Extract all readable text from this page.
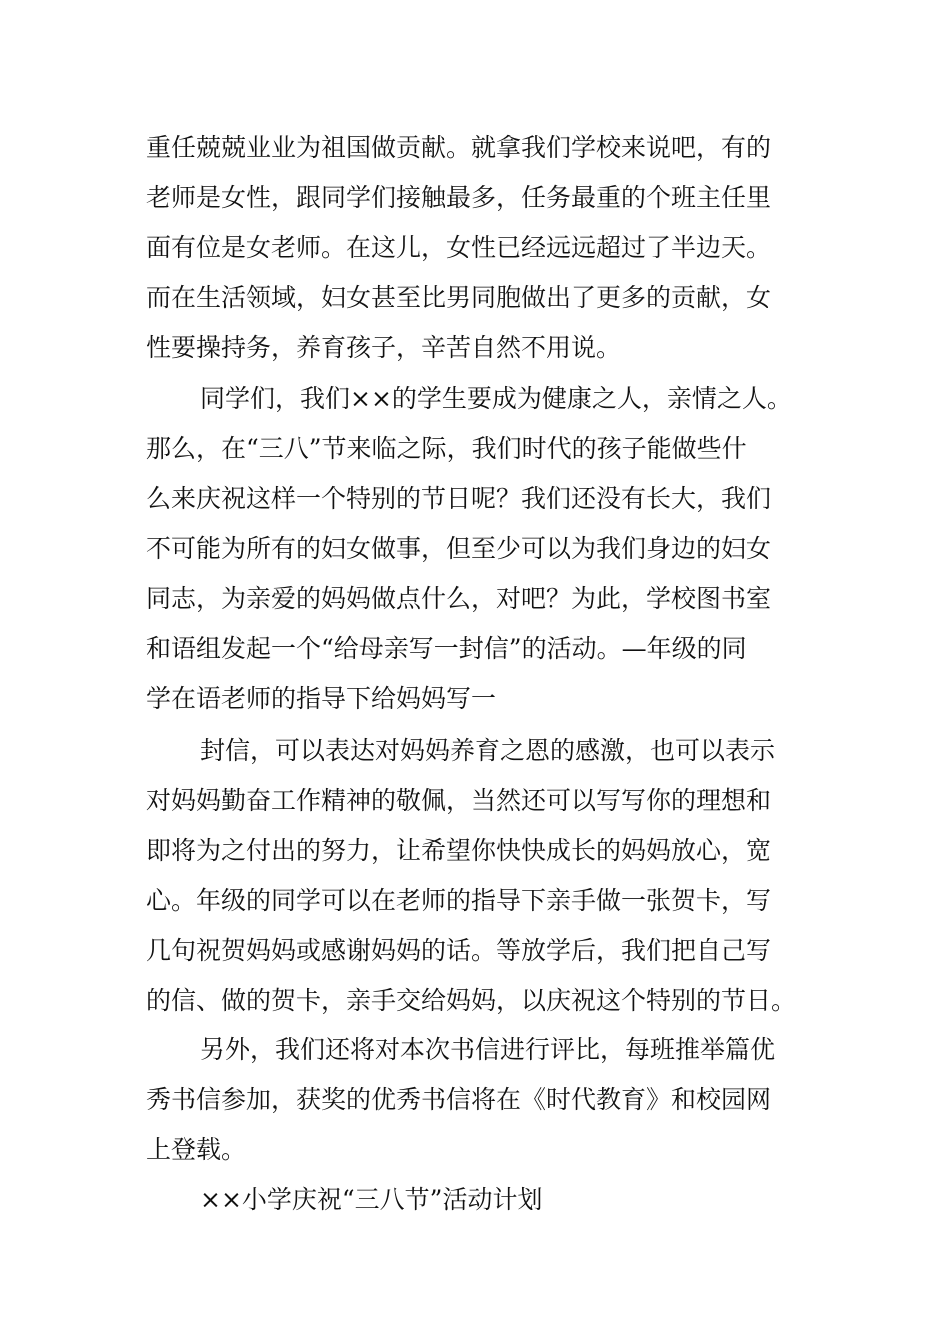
重任兢兢业业为祖国做贡献。就拿我们学校来说吧，有的

老师是女性，跟同学们接触最多，任务最重的个班主任里

面有位是女老师。在这儿，女性已经远远超过了半边天。

而在生活领域，妇女甚至比男同胞做出了更多的贡献，女

性要操持务，养育孩子，辛苦自然不用说。

同学们，我们××的学生要成为健康之人，亲情之人。

那么，在“三八”节来临之际，我们时代的孩子能做些什

么来庆祝这样一个特别的节日呢？我们还没有长大，我们

不可能为所有的妇女做事，但至少可以为我们身边的妇女

同志，为亲爱的妈妈做点什么，对吧？为此，学校图书室

和语组发起一个“给母亲写一封信”的活动。—年级的同

学在语老师的指导下给妈妈写一

封信，可以表达对妈妈养育之恩的感激，也可以表示

对妈妈勤奋工作精神的敬佩，当然还可以写写你的理想和

即将为之付出的努力，让希望你快快成长的妈妈放心，宽

心。年级的同学可以在老师的指导下亲手做一张贺卡，写

几句祝贺妈妈或感谢妈妈的话。等放学后，我们把自己写

的信、做的贺卡，亲手交给妈妈，以庆祝这个特别的节日。

另外，我们还将对本次书信进行评比，每班推举篇优

秀书信参加，获奖的优秀书信将在《时代教育》和校园网

上登载。

××小学庆祝“三八节”活动计划
